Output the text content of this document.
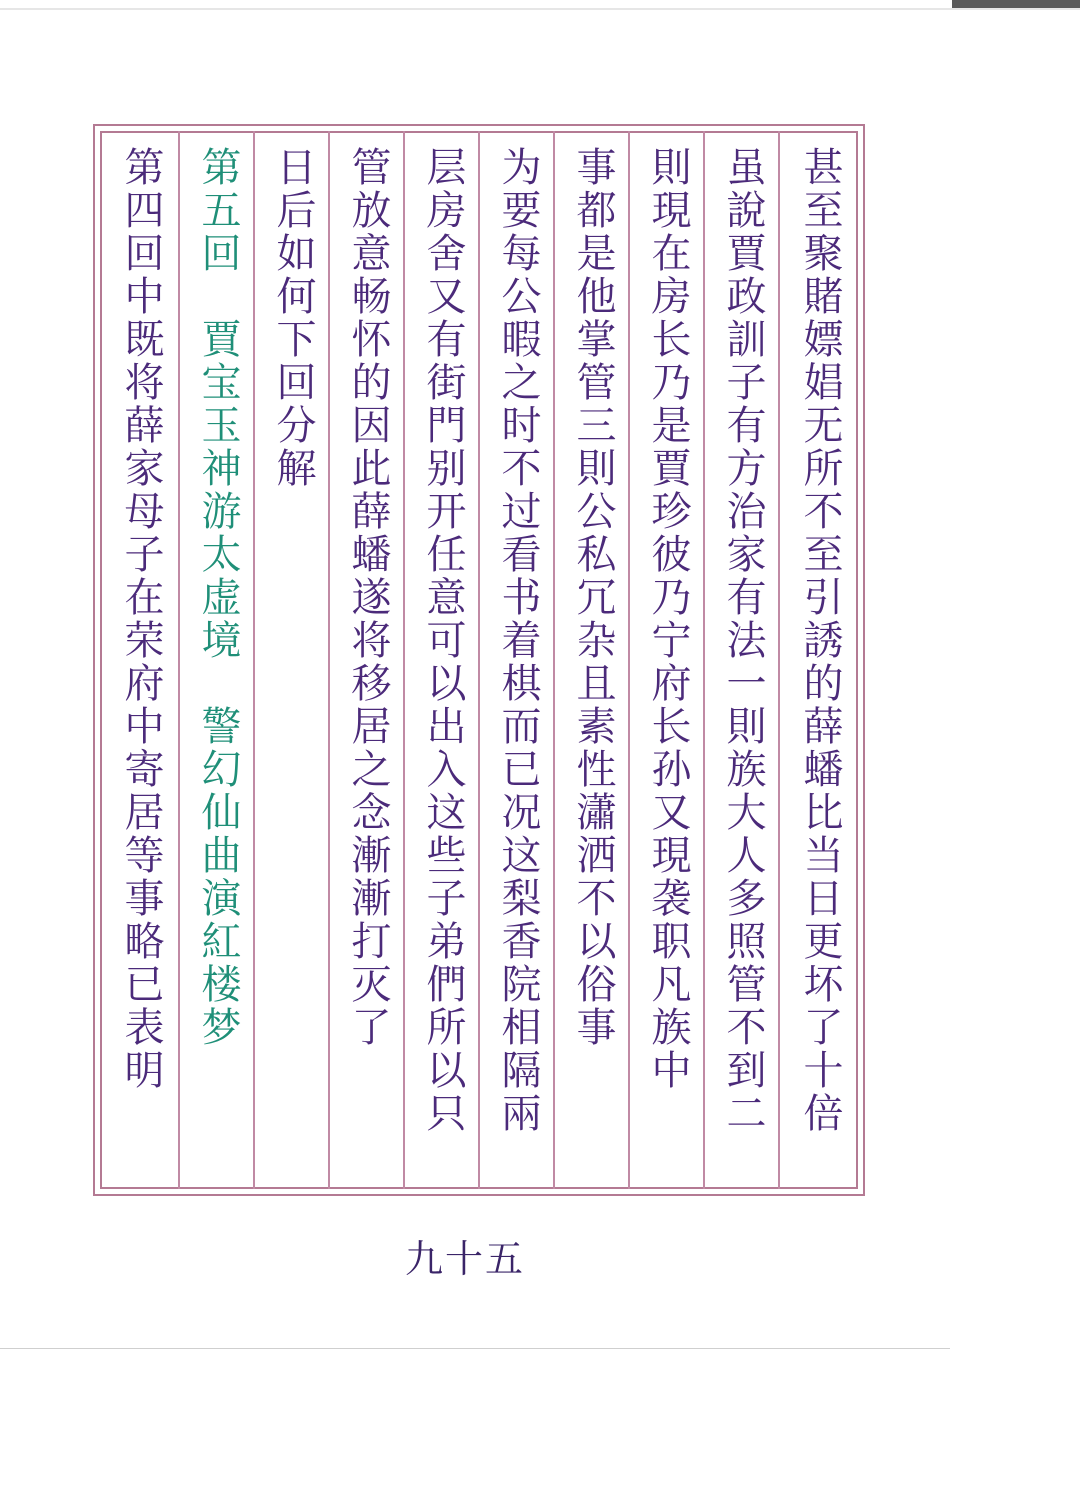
甚至聚賭嫖娼无所不至引誘的薛蟠比当日更坏了十倍
虽說賈政訓子有方治家有法一則族大人多照管不到二
則現在房长乃是賈珍彼乃宁府长孙又現袭职凡族中
事都是他掌管三則公私冗杂且素性瀟洒不以俗事
为要每公暇之时不过看书着棋而已况这梨香院相隔兩
层房舍又有街門别开任意可以出入这些子弟們所以只
管放意畅怀的因此薛蟠遂将移居之念漸漸打灭了
日后如何下回分解
第五回　賈宝玉神游太虚境　警幻仙曲演紅楼梦
第四回中既将薛家母子在荣府中寄居等事略已表明
九十五
